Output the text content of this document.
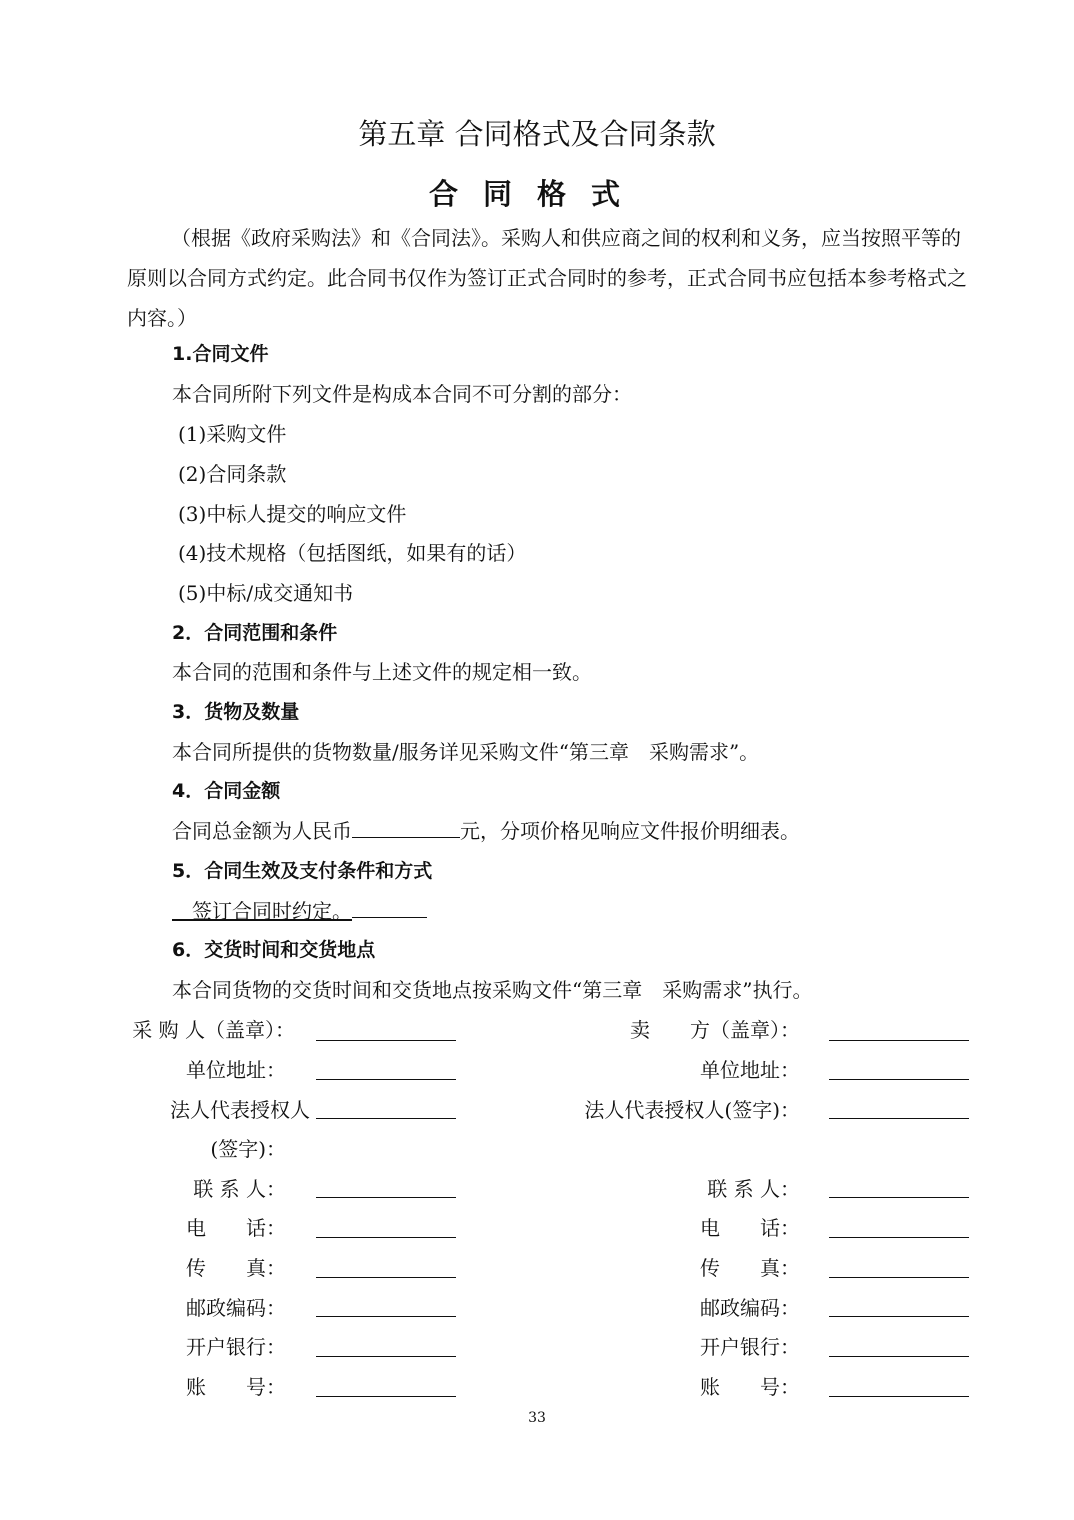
第五章 合同格式及合同条款
合同格式
（根据《政府采购法》和《合同法》。采购人和供应商之间的权利和义务，应当按照平等的原则以合同方式约定。此合同书仅作为签订正式合同时的参考，正式合同书应包括本参考格式之内容。）
1.合同文件
本合同所附下列文件是构成本合同不可分割的部分：
(1)采购文件
(2)合同条款
(3)中标人提交的响应文件
(4)技术规格（包括图纸，如果有的话）
(5)中标/成交通知书
2．合同范围和条件
本合同的范围和条件与上述文件的规定相一致。
3．货物及数量
本合同所提供的货物数量/服务详见采购文件“第三章　采购需求”。
4．合同金额
合同总金额为人民币	元，分项价格见响应文件报价明细表。
5．合同生效及支付条件和方式
　签订合同时约定。
6．交货时间和交货地点
本合同货物的交货时间和交货地点按采购文件“第三章　采购需求”执行。
采 购 人（盖章）：
单位地址：
法人代表授权人
(签字)：
联 系 人：
电　　话：
传　　真：
邮政编码：
开户银行：
账　　号：
卖　　方（盖章）：
单位地址：
法人代表授权人(签字)：
联 系 人：
电　　话：
传　　真：
邮政编码：
开户银行：
账　　号：
33
